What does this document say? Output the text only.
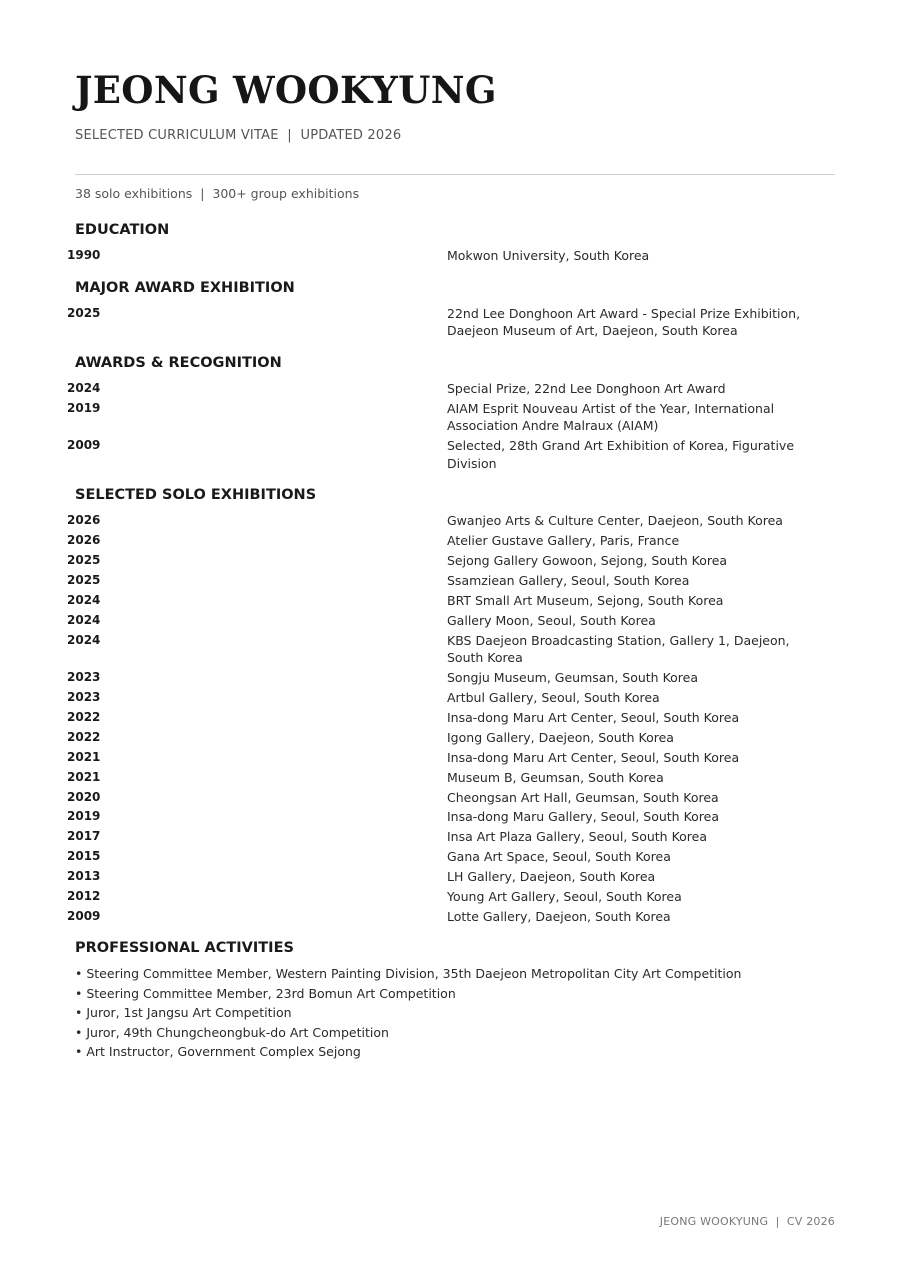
JEONG WOOKYUNG
SELECTED CURRICULUM VITAE  |  UPDATED 2026
38 solo exhibitions  |  300+ group exhibitions
EDUCATION
1990	Mokwon University, South Korea
MAJOR AWARD EXHIBITION
2025	22nd Lee Donghoon Art Award - Special Prize Exhibition, Daejeon Museum of Art, Daejeon, South Korea
AWARDS & RECOGNITION
2024	Special Prize, 22nd Lee Donghoon Art Award
2019	AIAM Esprit Nouveau Artist of the Year, International Association Andre Malraux (AIAM)
2009	Selected, 28th Grand Art Exhibition of Korea, Figurative Division
SELECTED SOLO EXHIBITIONS
2026	Gwanjeo Arts & Culture Center, Daejeon, South Korea
2026	Atelier Gustave Gallery, Paris, France
2025	Sejong Gallery Gowoon, Sejong, South Korea
2025	Ssamziean Gallery, Seoul, South Korea
2024	BRT Small Art Museum, Sejong, South Korea
2024	Gallery Moon, Seoul, South Korea
2024	KBS Daejeon Broadcasting Station, Gallery 1, Daejeon, South Korea
2023	Songju Museum, Geumsan, South Korea
2023	Artbul Gallery, Seoul, South Korea
2022	Insa-dong Maru Art Center, Seoul, South Korea
2022	Igong Gallery, Daejeon, South Korea
2021	Insa-dong Maru Art Center, Seoul, South Korea
2021	Museum B, Geumsan, South Korea
2020	Cheongsan Art Hall, Geumsan, South Korea
2019	Insa-dong Maru Gallery, Seoul, South Korea
2017	Insa Art Plaza Gallery, Seoul, South Korea
2015	Gana Art Space, Seoul, South Korea
2013	LH Gallery, Daejeon, South Korea
2012	Young Art Gallery, Seoul, South Korea
2009	Lotte Gallery, Daejeon, South Korea
PROFESSIONAL ACTIVITIES
• Steering Committee Member, Western Painting Division, 35th Daejeon Metropolitan City Art Competition
• Steering Committee Member, 23rd Bomun Art Competition
• Juror, 1st Jangsu Art Competition
• Juror, 49th Chungcheongbuk-do Art Competition
• Art Instructor, Government Complex Sejong
JEONG WOOKYUNG  |  CV 2026
